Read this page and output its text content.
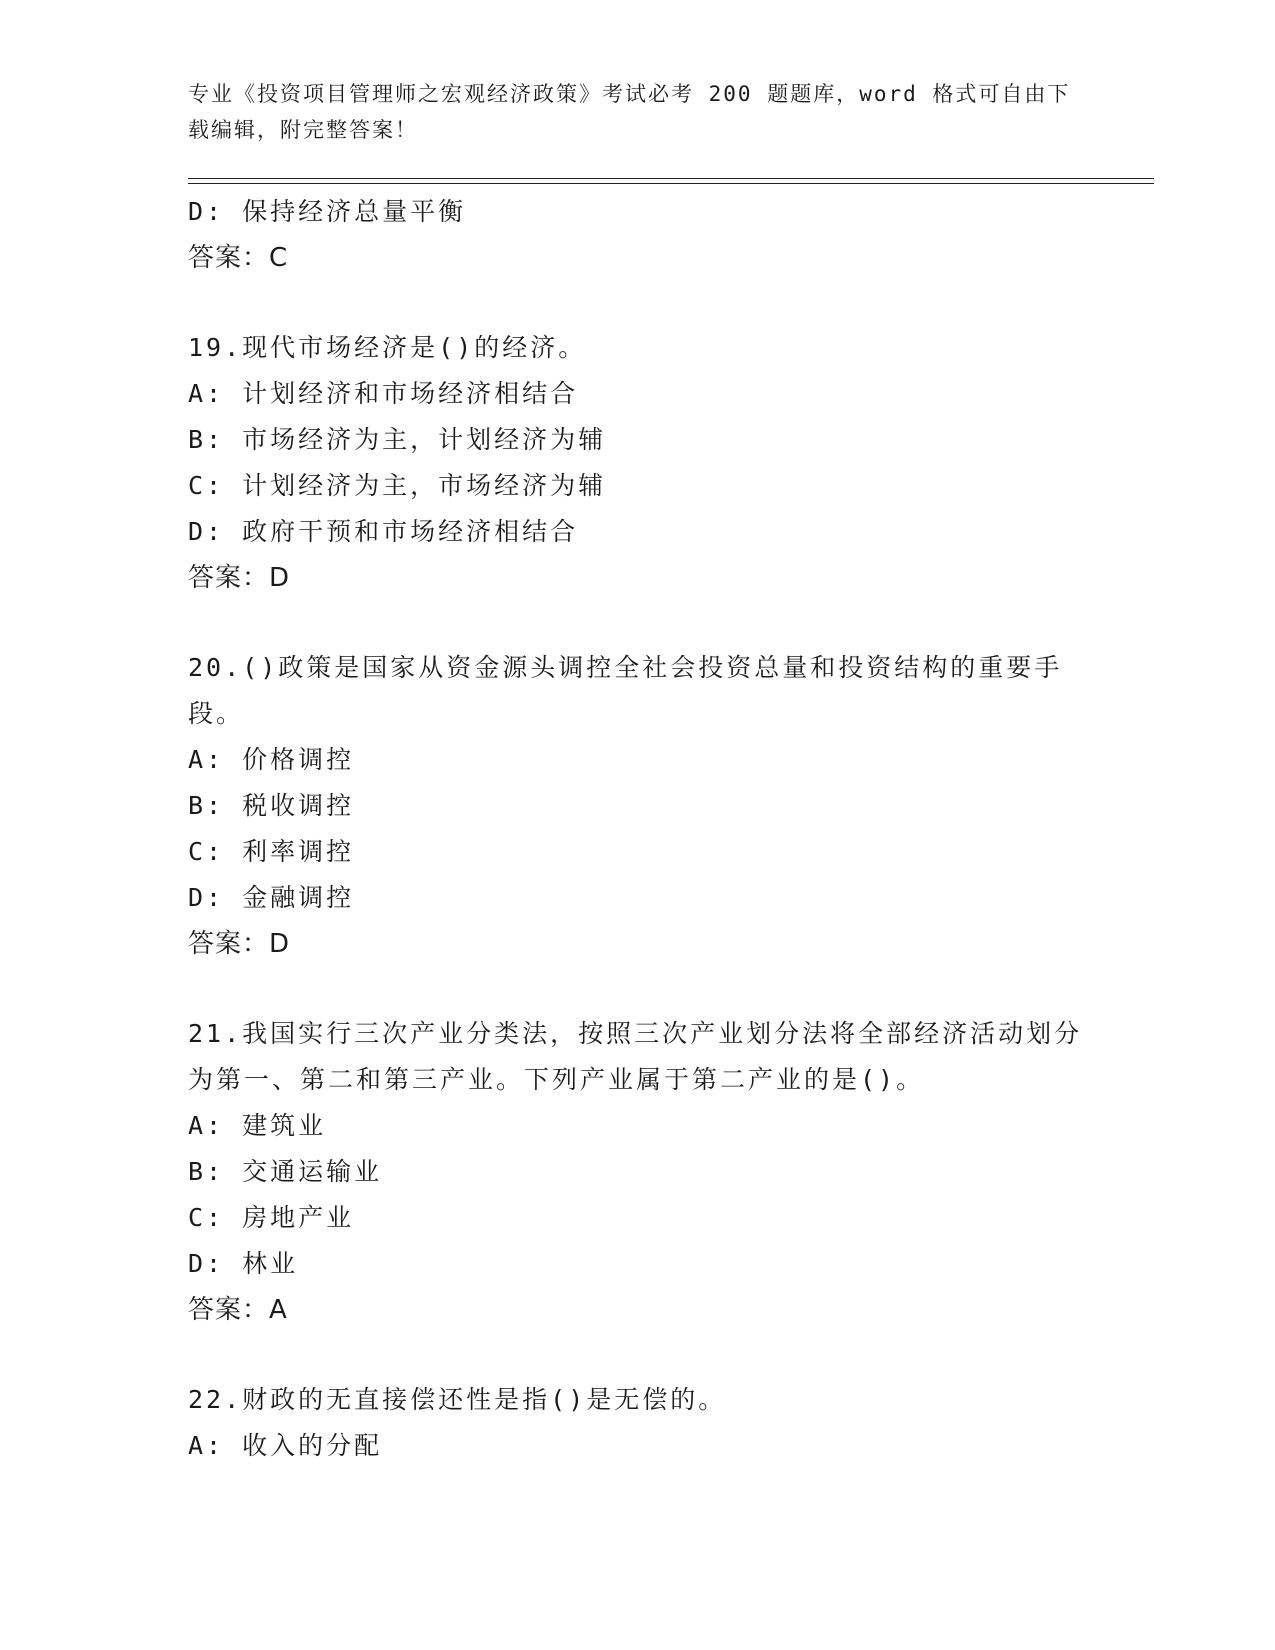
专业《投资项目管理师之宏观经济政策》考试必考 200 题题库，word 格式可自由下载编辑，附完整答案！
D: 保持经济总量平衡
答案：C
19.现代市场经济是()的经济。
A: 计划经济和市场经济相结合
B: 市场经济为主，计划经济为辅
C: 计划经济为主，市场经济为辅
D: 政府干预和市场经济相结合
答案：D
20.()政策是国家从资金源头调控全社会投资总量和投资结构的重要手段。
A: 价格调控
B: 税收调控
C: 利率调控
D: 金融调控
答案：D
21.我国实行三次产业分类法，按照三次产业划分法将全部经济活动划分为第一、第二和第三产业。下列产业属于第二产业的是()。
A: 建筑业
B: 交通运输业
C: 房地产业
D: 林业
答案：A
22.财政的无直接偿还性是指()是无偿的。
A: 收入的分配
